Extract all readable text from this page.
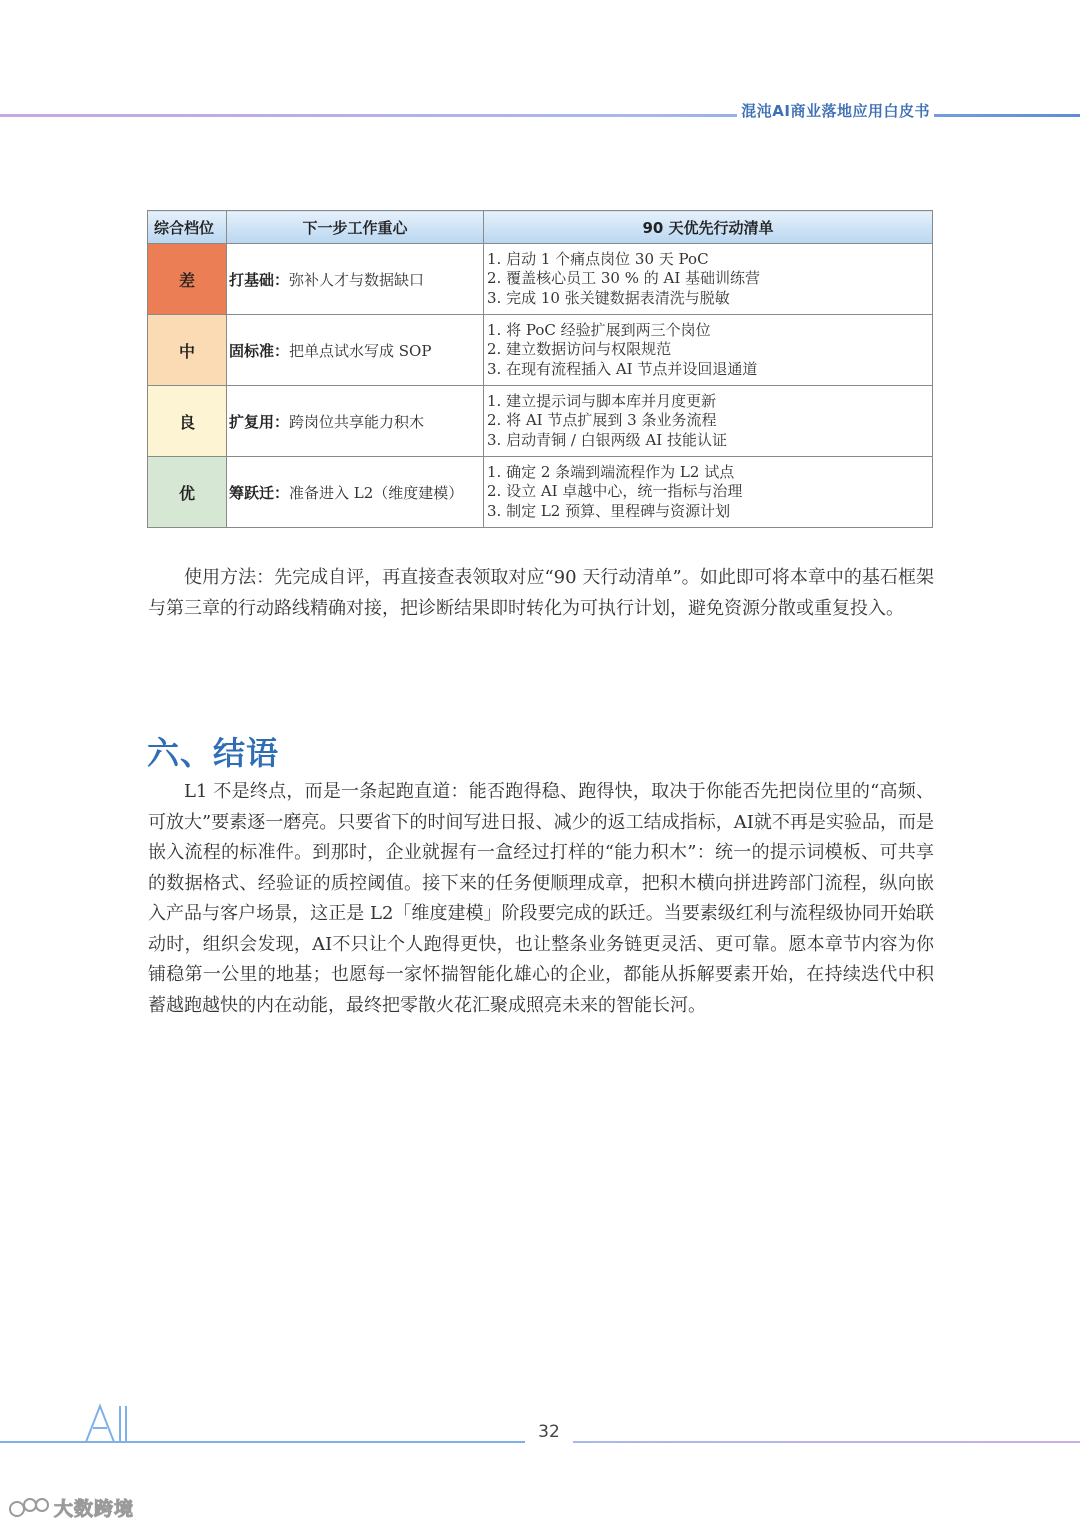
混沌AI商业落地应用白皮书
综合档位	下一步工作重心	90 天优先行动清单
差	打基础：弥补人才与数据缺口	1. 启动 1 个痛点岗位 30 天 PoC
2. 覆盖核心员工 30 % 的 AI 基础训练营
3. 完成 10 张关键数据表清洗与脱敏

中	固标准：把单点试水写成 SOP	1. 将 PoC 经验扩展到两三个岗位
2. 建立数据访问与权限规范
3. 在现有流程插入 AI 节点并设回退通道

良	扩复用：跨岗位共享能力积木	1. 建立提示词与脚本库并月度更新
2. 将 AI 节点扩展到 3 条业务流程
3. 启动青铜 / 白银两级 AI 技能认证

优	筹跃迁：准备进入 L2（维度建模）	1. 确定 2 条端到端流程作为 L2 试点
2. 设立 AI 卓越中心，统一指标与治理
3. 制定 L2 预算、里程碑与资源计划

使用方法：先完成自评，再直接查表领取对应“90 天行动清单”。如此即可将本章中的基石框架与第三章的行动路线精确对接，把诊断结果即时转化为可执行计划，避免资源分散或重复投入。

六、结语

L1 不是终点，而是一条起跑直道：能否跑得稳、跑得快，取决于你能否先把岗位里的“高频、可放大”要素逐一磨亮。只要省下的时间写进日报、减少的返工结成指标，AI就不再是实验品，而是嵌入流程的标准件。到那时，企业就握有一盒经过打样的“能力积木”：统一的提示词模板、可共享的数据格式、经验证的质控阈值。接下来的任务便顺理成章，把积木横向拼进跨部门流程，纵向嵌入产品与客户场景，这正是 L2「维度建模」阶段要完成的跃迁。当要素级红利与流程级协同开始联动时，组织会发现，AI不只让个人跑得更快，也让整条业务链更灵活、更可靠。愿本章节内容为你铺稳第一公里的地基；也愿每一家怀揣智能化雄心的企业，都能从拆解要素开始，在持续迭代中积蓄越跑越快的内在动能，最终把零散火花汇聚成照亮未来的智能长河。

AI
32
大数跨境
